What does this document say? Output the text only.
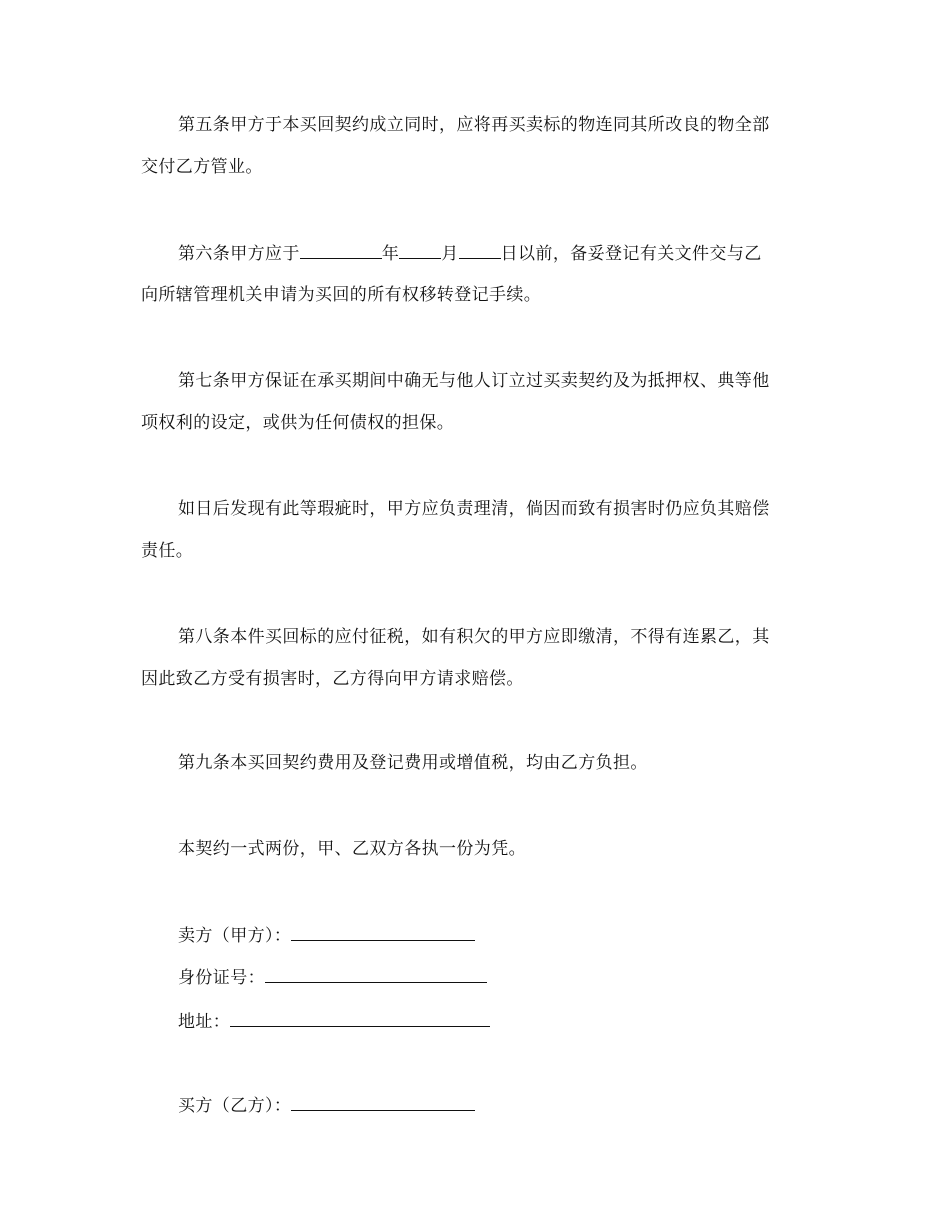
第五条甲方于本买回契约成立同时，应将再买卖标的物连同其所改良的物全部
交付乙方管业。
第六条甲方应于	年 月 日以前，备妥登记有关文件交与乙
向所辖管理机关申请为买回的所有权移转登记手续。
第七条甲方保证在承买期间中确无与他人订立过买卖契约及为抵押权、典等他
项权利的设定，或供为任何债权的担保。
如日后发现有此等瑕疵时，甲方应负责理清，倘因而致有损害时仍应负其赔偿
责任。
第八条本件买回标的应付征税，如有积欠的甲方应即缴清，不得有连累乙，其
因此致乙方受有损害时，乙方得向甲方请求赔偿。
第九条本买回契约费用及登记费用或增值税，均由乙方负担。
本契约一式两份，甲、乙双方各执一份为凭。
卖方（甲方）：
身份证号：
地址：
买方（乙方）：
